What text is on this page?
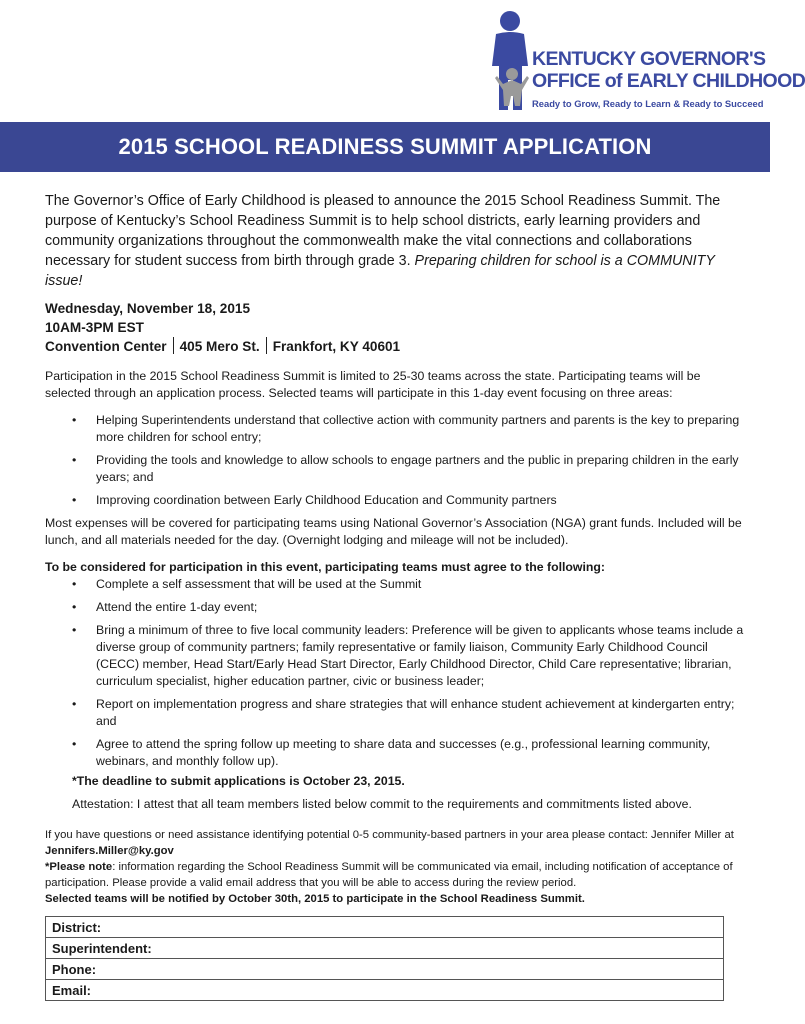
KENTUCKY GOVERNOR'S
OFFICE of EARLY CHILDHOOD
Ready to Grow, Ready to Learn & Ready to Succeed
2015 SCHOOL READINESS SUMMIT APPLICATION

The Governor’s Office of Early Childhood is pleased to announce the 2015 School Readiness Summit. The purpose of Kentucky’s School Readiness Summit is to help school districts, early learning providers and community organizations throughout the commonwealth make the vital connections and collaborations necessary for student success from birth through grade 3. Preparing children for school is a COMMUNITY issue!

Wednesday, November 18, 2015
10AM-3PM EST
Convention Center 405 Mero St. Frankfort, KY 40601

Participation in the 2015 School Readiness Summit is limited to 25-30 teams across the state. Participating teams will be selected through an application process. Selected teams will participate in this 1-day event focusing on three areas:

• Helping Superintendents understand that collective action with community partners and parents is the key to preparing more children for school entry;
• Providing the tools and knowledge to allow schools to engage partners and the public in preparing children in the early years; and
• Improving coordination between Early Childhood Education and Community partners

Most expenses will be covered for participating teams using National Governor’s Association (NGA) grant funds. Included will be lunch, and all materials needed for the day. (Overnight lodging and mileage will not be included).

To be considered for participation in this event, participating teams must agree to the following:

• Complete a self assessment that will be used at the Summit
• Attend the entire 1-day event;
• Bring a minimum of three to five local community leaders: Preference will be given to applicants whose teams include a diverse group of community partners; family representative or family liaison, Community Early Childhood Council (CECC) member, Head Start/Early Head Start Director, Early Childhood Director, Child Care representative; librarian, curriculum specialist, higher education partner, civic or business leader;
• Report on implementation progress and share strategies that will enhance student achievement at kindergarten entry; and
• Agree to attend the spring follow up meeting to share data and successes (e.g., professional learning community, webinars, and monthly follow up).

*The deadline to submit applications is October 23, 2015.

Attestation: I attest that all team members listed below commit to the requirements and commitments listed above.

If you have questions or need assistance identifying potential 0-5 community-based partners in your area please contact: Jennifer Miller at Jennifers.Miller@ky.gov

*Please note: information regarding the School Readiness Summit will be communicated via email, including notification of acceptance of participation. Please provide a valid email address that you will be able to access during the review period.

Selected teams will be notified by October 30th, 2015 to participate in the School Readiness Summit.

District:
Superintendent:
Phone:
Email:
